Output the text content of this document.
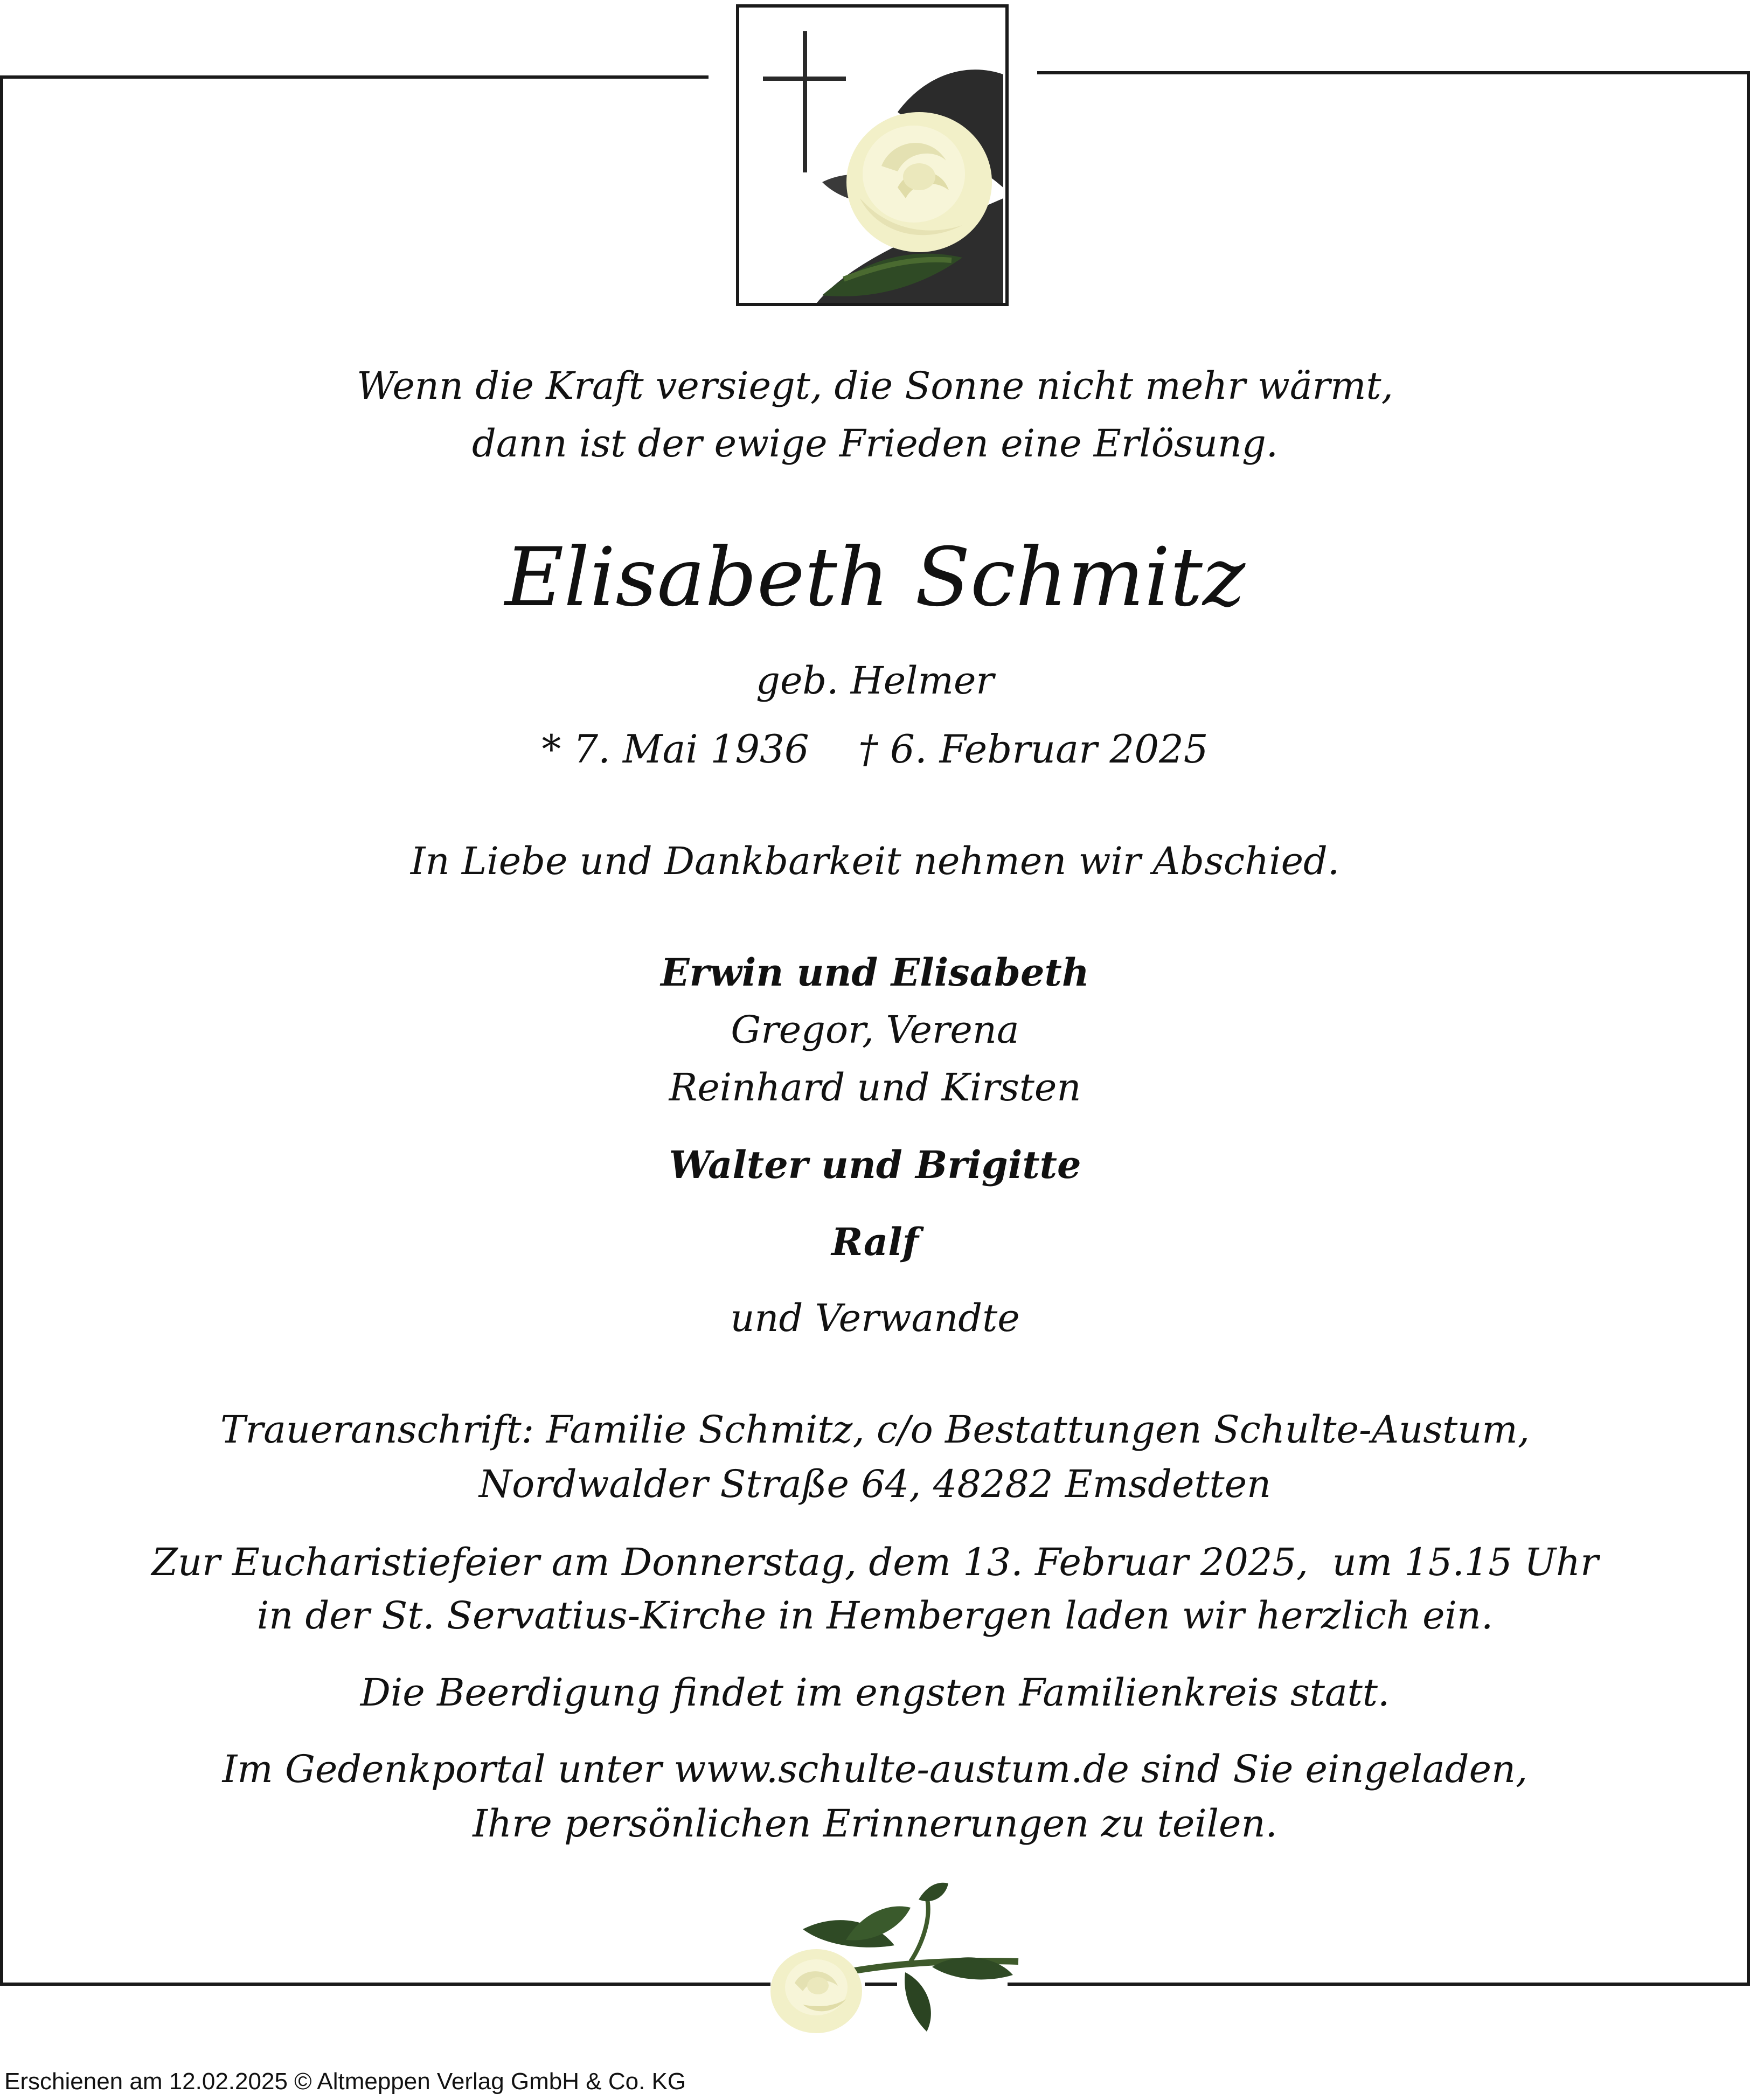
Wenn die Kraft versiegt, die Sonne nicht mehr wärmt,
dann ist der ewige Frieden eine Erlösung.
Elisabeth Schmitz
geb. Helmer
* 7. Mai 1936    † 6. Februar 2025
In Liebe und Dankbarkeit nehmen wir Abschied.
Erwin und Elisabeth
Gregor, Verena
Reinhard und Kirsten
Walter und Brigitte
Ralf
und Verwandte
Traueranschrift: Familie Schmitz, c/o Bestattungen Schulte-Austum,
Nordwalder Straße 64, 48282 Emsdetten
Zur Eucharistiefeier am Donnerstag, dem 13. Februar 2025,  um 15.15 Uhr
in der St. Servatius-Kirche in Hembergen laden wir herzlich ein.
Die Beerdigung findet im engsten Familienkreis statt.
Im Gedenkportal unter www.schulte-austum.de sind Sie eingeladen,
Ihre persönlichen Erinnerungen zu teilen.
Erschienen am 12.02.2025 © Altmeppen Verlag GmbH & Co. KG
